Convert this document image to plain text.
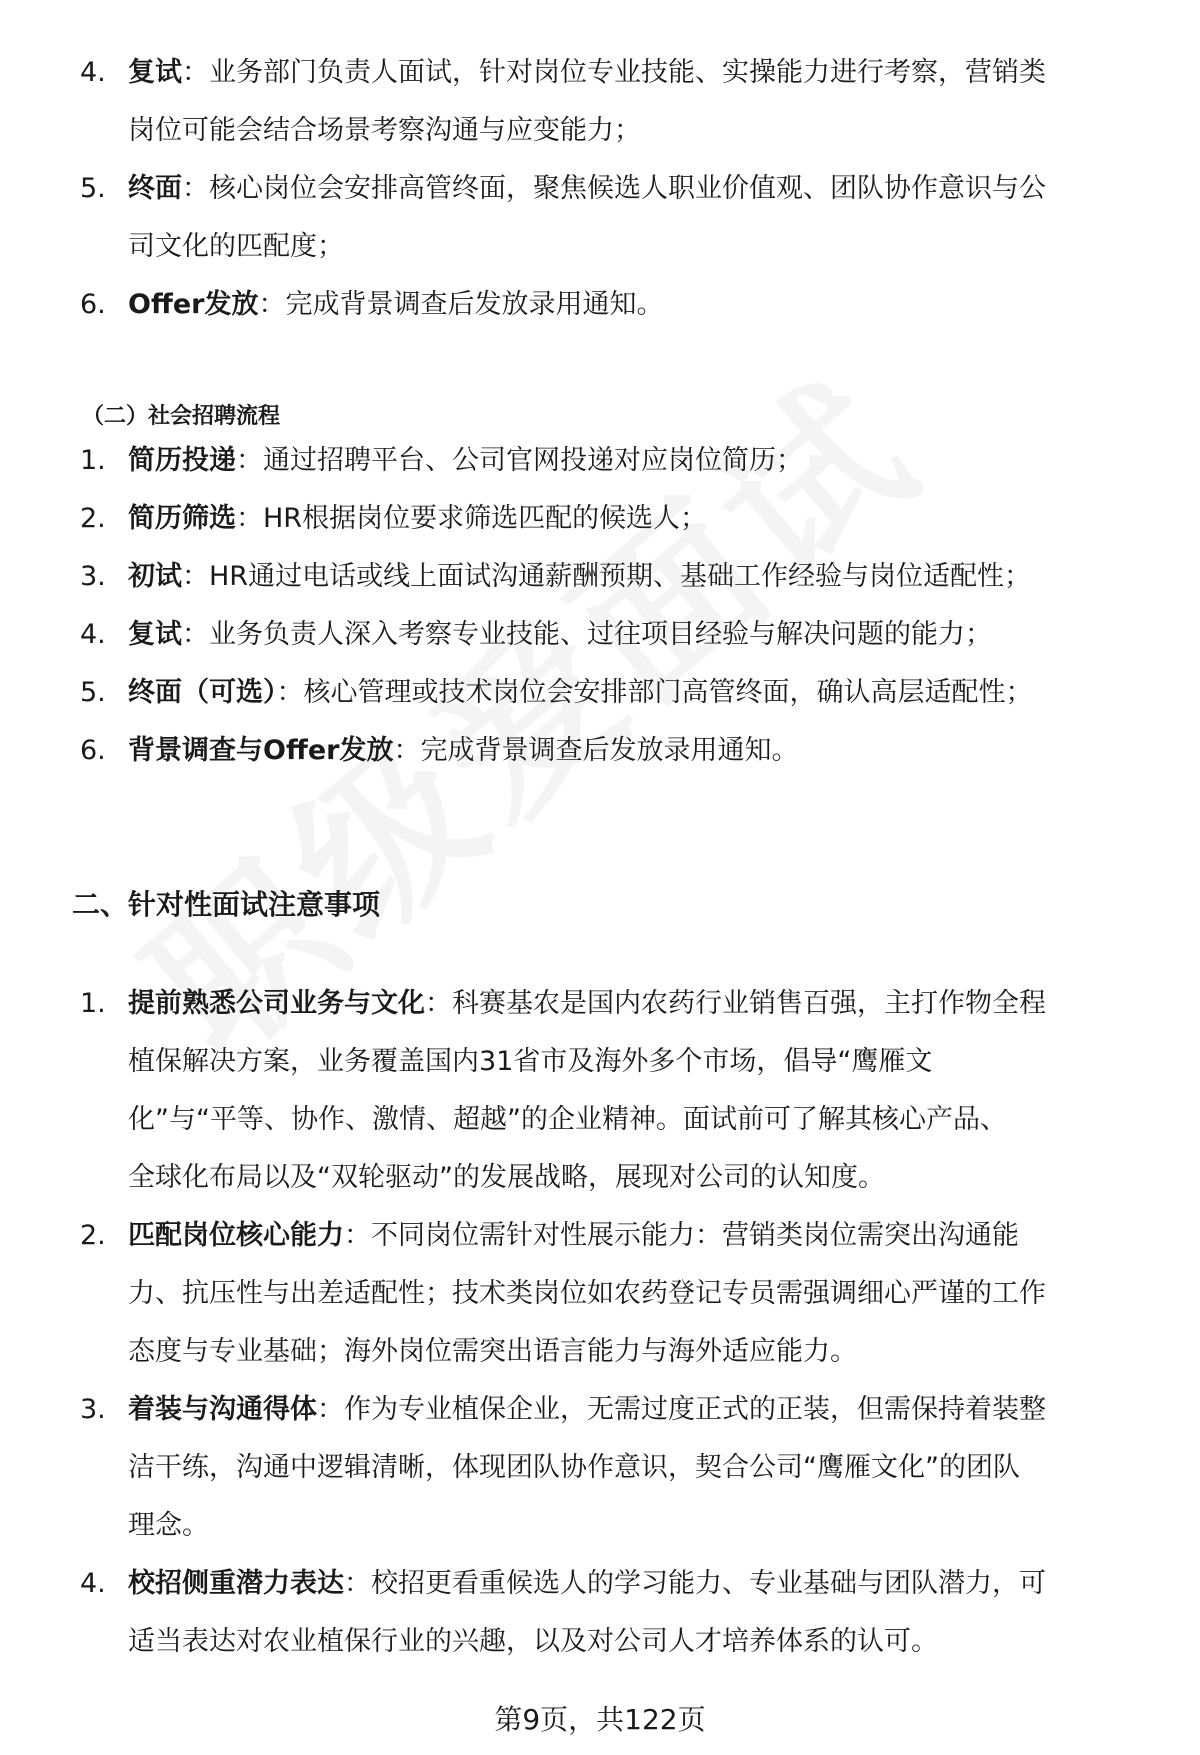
4. 复试：业务部门负责人面试，针对岗位专业技能、实操能力进行考察，营销类
岗位可能会结合场景考察沟通与应变能力；
5. 终面：核心岗位会安排高管终面，聚焦候选人职业价值观、团队协作意识与公
司文化的匹配度；
6. Offer发放：完成背景调查后发放录用通知。
（二）社会招聘流程
1. 简历投递：通过招聘平台、公司官网投递对应岗位简历；
2. 简历筛选：HR根据岗位要求筛选匹配的候选人；
3. 初试：HR通过电话或线上面试沟通薪酬预期、基础工作经验与岗位适配性；
4. 复试：业务负责人深入考察专业技能、过往项目经验与解决问题的能力；
5. 终面（可选）：核心管理或技术岗位会安排部门高管终面，确认高层适配性；
6. 背景调查与Offer发放：完成背景调查后发放录用通知。
二、针对性面试注意事项
1. 提前熟悉公司业务与文化：科赛基农是国内农药行业销售百强，主打作物全程
植保解决方案，业务覆盖国内31省市及海外多个市场，倡导“鹰雁文
化”与“平等、协作、激情、超越”的企业精神。面试前可了解其核心产品、
全球化布局以及“双轮驱动”的发展战略，展现对公司的认知度。
2. 匹配岗位核心能力：不同岗位需针对性展示能力：营销类岗位需突出沟通能
力、抗压性与出差适配性；技术类岗位如农药登记专员需强调细心严谨的工作
态度与专业基础；海外岗位需突出语言能力与海外适应能力。
3. 着装与沟通得体：作为专业植保企业，无需过度正式的正装，但需保持着装整
洁干练，沟通中逻辑清晰，体现团队协作意识，契合公司“鹰雁文化”的团队
理念。
4. 校招侧重潜力表达：校招更看重候选人的学习能力、专业基础与团队潜力，可
适当表达对农业植保行业的兴趣，以及对公司人才培养体系的认可。
第9页，共122页
